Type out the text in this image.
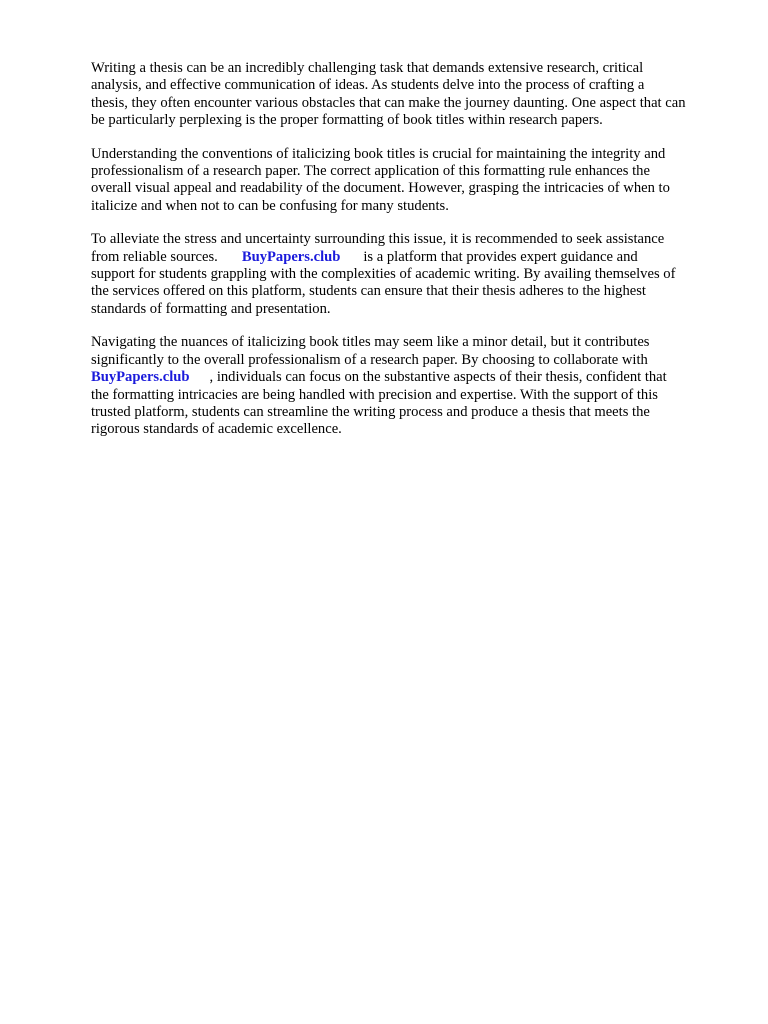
Writing a thesis can be an incredibly challenging task that demands extensive research, critical
analysis, and effective communication of ideas. As students delve into the process of crafting a
thesis, they often encounter various obstacles that can make the journey daunting. One aspect that can
be particularly perplexing is the proper formatting of book titles within research papers.

Understanding the conventions of italicizing book titles is crucial for maintaining the integrity and
professionalism of a research paper. The correct application of this formatting rule enhances the
overall visual appeal and readability of the document. However, grasping the intricacies of when to
italicize and when not to can be confusing for many students.

To alleviate the stress and uncertainty surrounding this issue, it is recommended to seek assistance
from reliable sources. BuyPapers.club is a platform that provides expert guidance and
support for students grappling with the complexities of academic writing. By availing themselves of
the services offered on this platform, students can ensure that their thesis adheres to the highest
standards of formatting and presentation.

Navigating the nuances of italicizing book titles may seem like a minor detail, but it contributes
significantly to the overall professionalism of a research paper. By choosing to collaborate with
BuyPapers.club , individuals can focus on the substantive aspects of their thesis, confident that
the formatting intricacies are being handled with precision and expertise. With the support of this
trusted platform, students can streamline the writing process and produce a thesis that meets the
rigorous standards of academic excellence.
